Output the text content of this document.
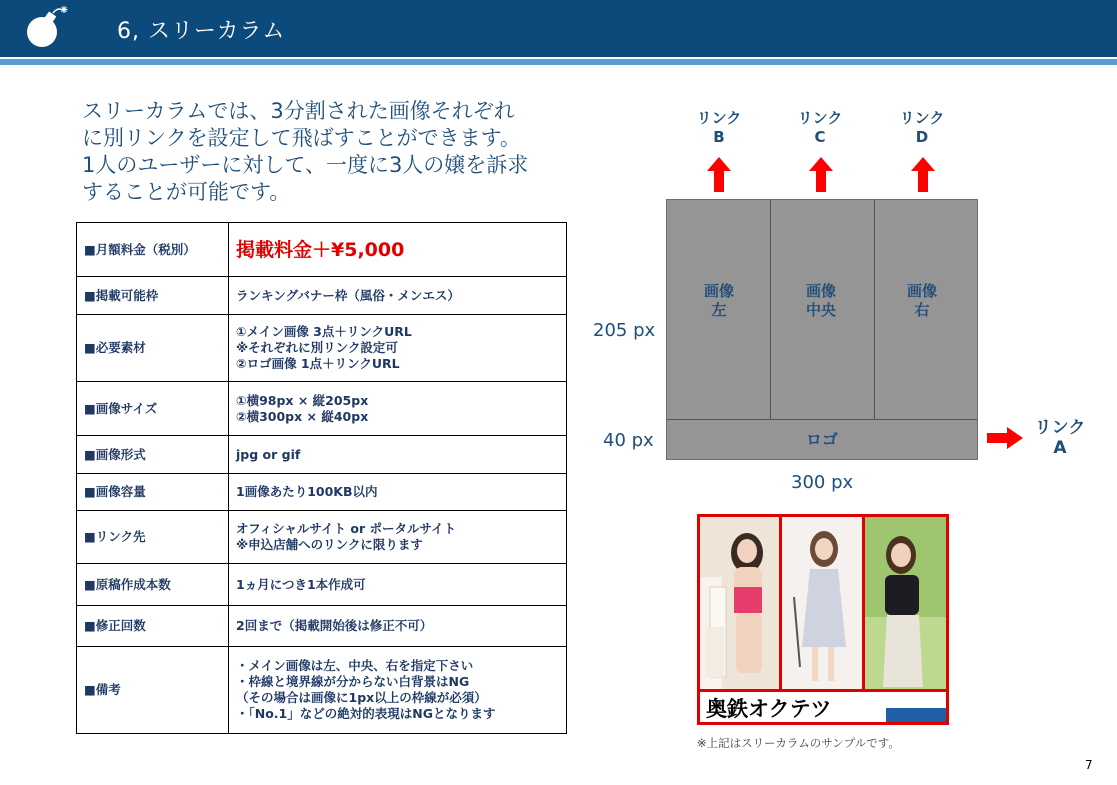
6, スリーカラム
スリーカラムでは、3分割された画像それぞれ
に別リンクを設定して飛ばすことができます。
1人のユーザーに対して、一度に3人の嬢を訴求
することが可能です。
■月額料金（税別）	掲載料金＋¥5,000

■掲載可能枠	ランキングバナー枠（風俗・メンエス）

■必要素材	①メイン画像 3点＋リンクURL
※それぞれに別リンク設定可
②ロゴ画像 1点＋リンクURL

■画像サイズ	①横98px × 縦205px
②横300px × 縦40px

■画像形式	jpg or gif

■画像容量	1画像あたり100KB以内

■リンク先	オフィシャルサイト or ポータルサイト
※申込店舗へのリンクに限ります

■原稿作成本数	1ヵ月につき1本作成可

■修正回数	2回まで（掲載開始後は修正不可）

■備考	・メイン画像は左、中央、右を指定下さい
・枠線と境界線が分からない白背景はNG
（その場合は画像に1px以上の枠線が必須）
・「No.1」などの絶対的表現はNGとなります
リンク
B
リンク
C
リンク
D
画像
左
画像
中央
画像
右
ロゴ
205 px
40 px
300 px
リンク
A
奥鉄オクテツ
※上記はスリーカラムのサンプルです。
7
